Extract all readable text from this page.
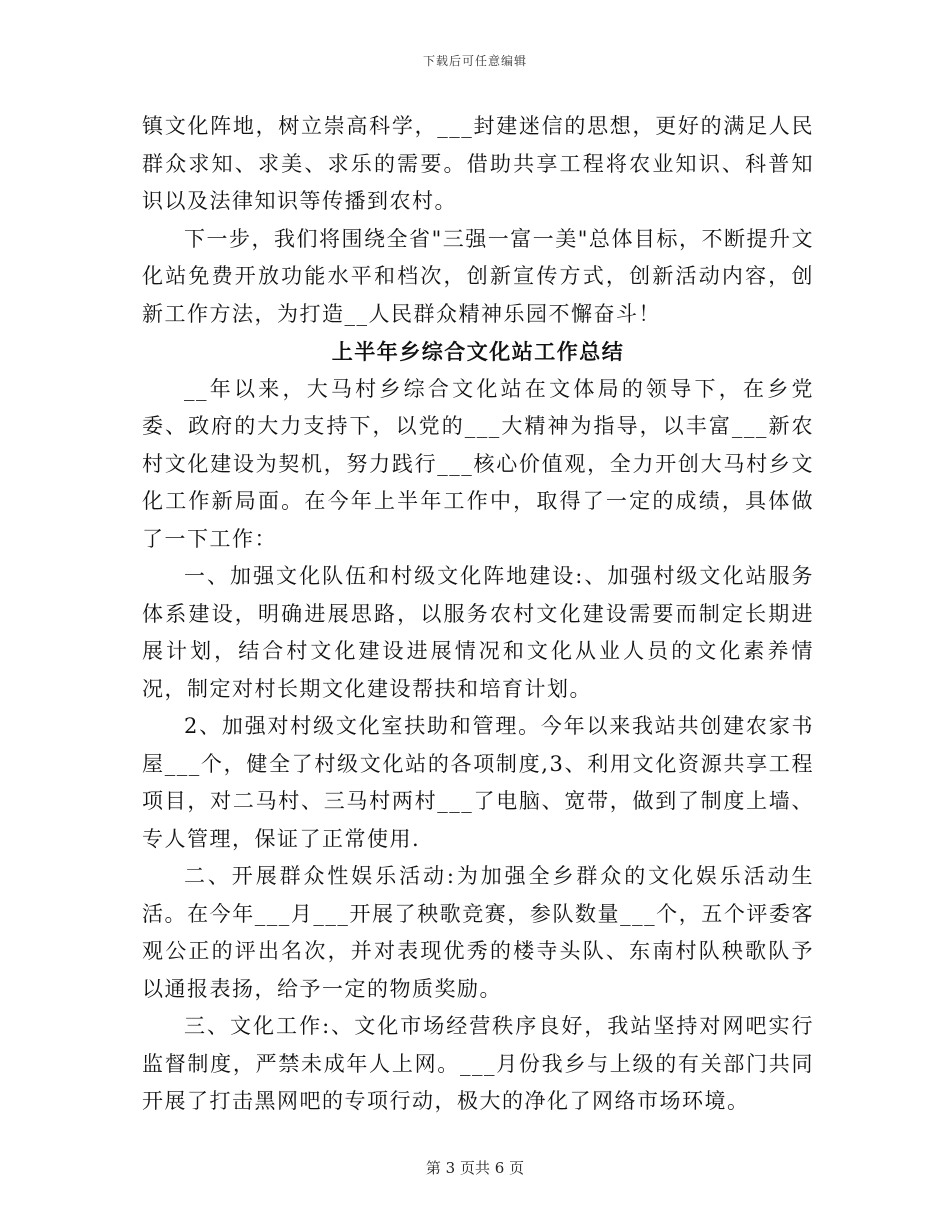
下载后可任意编辑

镇文化阵地，树立崇高科学，___封建迷信的思想，更好的满足人民群众求知、求美、求乐的需要。借助共享工程将农业知识、科普知识以及法律知识等传播到农村。

下一步，我们将围绕全省"三强一富一美"总体目标，不断提升文化站免费开放功能水平和档次，创新宣传方式，创新活动内容，创新工作方法，为打造__人民群众精神乐园不懈奋斗！

上半年乡综合文化站工作总结

__年以来，大马村乡综合文化站在文体局的领导下，在乡党委、政府的大力支持下，以党的___大精神为指导，以丰富___新农村文化建设为契机，努力践行___核心价值观，全力开创大马村乡文化工作新局面。在今年上半年工作中，取得了一定的成绩，具体做了一下工作：

一、加强文化队伍和村级文化阵地建设:、加强村级文化站服务体系建设，明确进展思路，以服务农村文化建设需要而制定长期进展计划，结合村文化建设进展情况和文化从业人员的文化素养情况，制定对村长期文化建设帮扶和培育计划。

2、加强对村级文化室扶助和管理。今年以来我站共创建农家书屋___个，健全了村级文化站的各项制度,3、利用文化资源共享工程项目，对二马村、三马村两村___了电脑、宽带，做到了制度上墙、专人管理，保证了正常使用.

二、开展群众性娱乐活动:为加强全乡群众的文化娱乐活动生活。在今年___月___开展了秧歌竞赛，参队数量___个，五个评委客观公正的评出名次，并对表现优秀的楼寺头队、东南村队秧歌队予以通报表扬，给予一定的物质奖励。

三、文化工作:、文化市场经营秩序良好，我站坚持对网吧实行监督制度，严禁未成年人上网。___月份我乡与上级的有关部门共同开展了打击黑网吧的专项行动，极大的净化了网络市场环境。

第 3 页共 6 页
